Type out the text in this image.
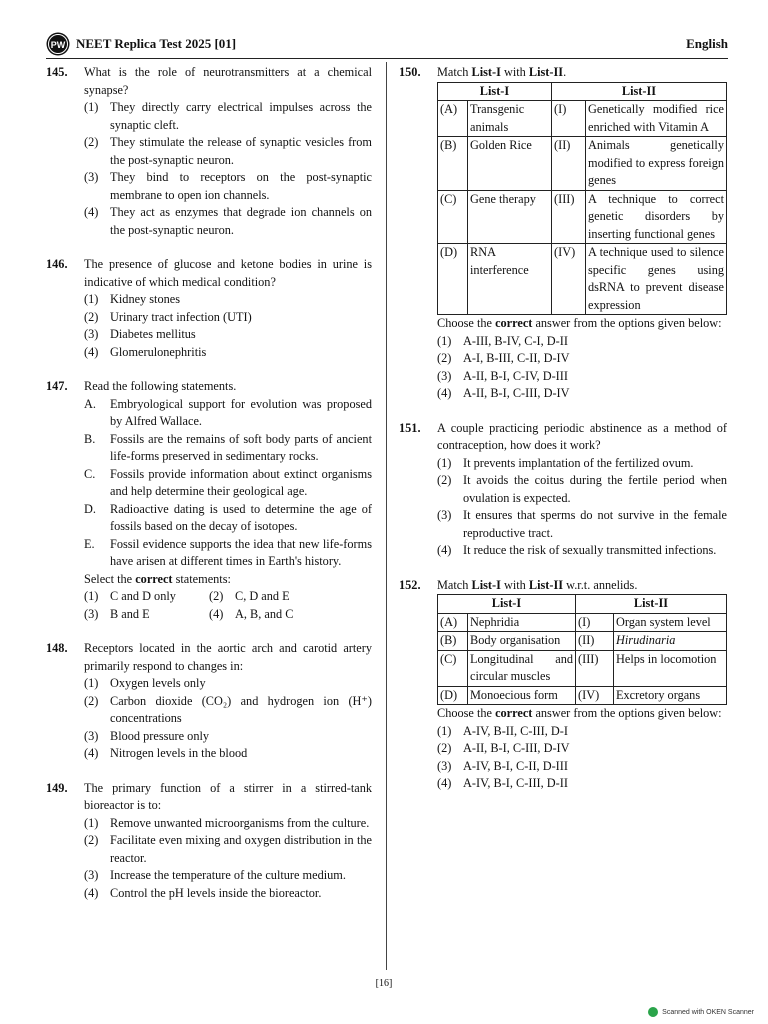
PW NEET Replica Test 2025 [01]	English
145. What is the role of neurotransmitters at a chemical synapse?
(1) They directly carry electrical impulses across the synaptic cleft.
(2) They stimulate the release of synaptic vesicles from the post-synaptic neuron.
(3) They bind to receptors on the post-synaptic membrane to open ion channels.
(4) They act as enzymes that degrade ion channels on the post-synaptic neuron.
146. The presence of glucose and ketone bodies in urine is indicative of which medical condition?
(1) Kidney stones
(2) Urinary tract infection (UTI)
(3) Diabetes mellitus
(4) Glomerulonephritis
147. Read the following statements.
A. Embryological support for evolution was proposed by Alfred Wallace.
B. Fossils are the remains of soft body parts of ancient life-forms preserved in sedimentary rocks.
C. Fossils provide information about extinct organisms and help determine their geological age.
D. Radioactive dating is used to determine the age of fossils based on the decay of isotopes.
E. Fossil evidence supports the idea that new life-forms have arisen at different times in Earth's history.
Select the correct statements:
(1) C and D only	(2) C, D and E
(3) B and E	(4) A, B, and C
148. Receptors located in the aortic arch and carotid artery primarily respond to changes in:
(1) Oxygen levels only
(2) Carbon dioxide (CO₂) and hydrogen ion (H⁺) concentrations
(3) Blood pressure only
(4) Nitrogen levels in the blood
149. The primary function of a stirrer in a stirred-tank bioreactor is to:
(1) Remove unwanted microorganisms from the culture.
(2) Facilitate even mixing and oxygen distribution in the reactor.
(3) Increase the temperature of the culture medium.
(4) Control the pH levels inside the bioreactor.
150. Match List-I with List-II.
List-I		List-II	
(A)	Transgenic animals	(I)	Genetically modified rice enriched with Vitamin A
(B)	Golden Rice	(II)	Animals genetically modified to express foreign genes
(C)	Gene therapy	(III)	A technique to correct genetic disorders by inserting functional genes
(D)	RNA interference	(IV)	A technique used to silence specific genes using dsRNA to prevent disease expression
Choose the correct answer from the options given below:
(1) A-III, B-IV, C-I, D-II
(2) A-I, B-III, C-II, D-IV
(3) A-II, B-I, C-IV, D-III
(4) A-II, B-I, C-III, D-IV
151. A couple practicing periodic abstinence as a method of contraception, how does it work?
(1) It prevents implantation of the fertilized ovum.
(2) It avoids the coitus during the fertile period when ovulation is expected.
(3) It ensures that sperms do not survive in the female reproductive tract.
(4) It reduce the risk of sexually transmitted infections.
152. Match List-I with List-II w.r.t. annelids.
List-I		List-II	
(A)	Nephridia	(I)	Organ system level
(B)	Body organisation	(II)	Hirudinaria
(C)	Longitudinal and circular muscles	(III)	Helps in locomotion
(D)	Monoecious form	(IV)	Excretory organs
Choose the correct answer from the options given below:
(1) A-IV, B-II, C-III, D-I
(2) A-II, B-I, C-III, D-IV
(3) A-IV, B-I, C-II, D-III
(4) A-IV, B-I, C-III, D-II
[16]
Scanned with OKEN Scanner
